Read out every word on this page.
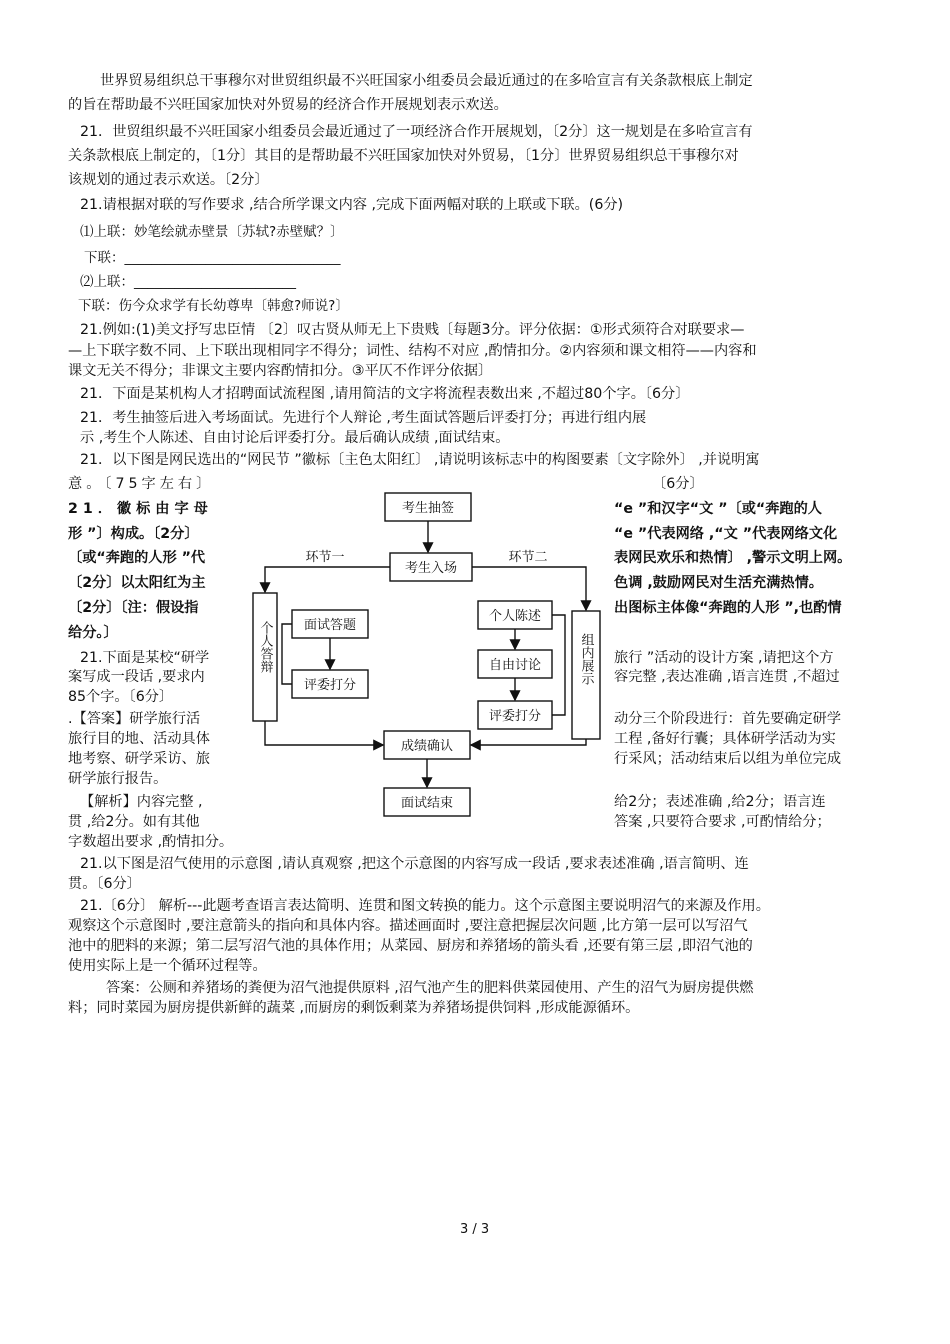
世界贸易组织总干事穆尔对世贸组织最不兴旺国家小组委员会最近通过的在多哈宣言有关条款根底上制定
的旨在帮助最不兴旺国家加快对外贸易的经济合作开展规划表示欢送。
21．世贸组织最不兴旺国家小组委员会最近通过了一项经济合作开展规划，〔2分〕这一规划是在多哈宣言有
关条款根底上制定的，〔1分〕其目的是帮助最不兴旺国家加快对外贸易，〔1分〕世界贸易组织总干事穆尔对
该规划的通过表示欢送。〔2分〕
21.请根据对联的写作要求 ,结合所学课文内容 ,完成下面两幅对联的上联或下联。(6分)
⑴上联：妙笔绘就赤壁景〔苏轼?赤壁赋？〕
下联：________________________________
⑵上联：________________________
下联：伤今众求学有长幼尊卑〔韩愈?师说?〕
21.例如:(1)美文抒写忠臣情 〔2〕叹古贤从师无上下贵贱〔每题3分。评分依据：①形式须符合对联要求—
—上下联字数不同、上下联出现相同字不得分；词性、结构不对应 ,酌情扣分。②内容须和课文相符——内容和
课文无关不得分；非课文主要内容酌情扣分。③平仄不作评分依据〕
21．下面是某机构人才招聘面试流程图 ,请用简洁的文字将流程表数出来 ,不超过80个字。〔6分〕
21．考生抽签后进入考场面试。先进行个人辩论 ,考生面试答题后评委打分；再进行组内展
示 ,考生个人陈述、自由讨论后评委打分。最后确认成绩 ,面试结束。
21．以下图是网民选出的“网民节 ”徽标〔主色太阳红〕 ,请说明该标志中的构图要素〔文字除外〕 ,并说明寓
意。〔75字左右〕	〔6分〕
21．徽标由字母	“e ”和汉字“文 ”〔或“奔跑的人
形 ”〕构成。〔2分〕	“e ”代表网络 ,“文 ”代表网络文化
〔或“奔跑的人形 ”代	表网民欢乐和热情〕 ,警示文明上网。
〔2分〕以太阳红为主	色调 ,鼓励网民对生活充满热情。
〔2分〕〔注：假设指	出图标主体像“奔跑的人形 ”,也酌情
给分。〕
21.下面是某校“研学	旅行 ”活动的设计方案 ,请把这个方
案写成一段话 ,要求内	容完整 ,表达准确 ,语言连贯 ,不超过
85个字。〔6分〕
.【答案】研学旅行活	动分三个阶段进行：首先要确定研学
旅行目的地、活动具体	工程 ,备好行囊；具体研学活动为实
地考察、研学采访、旅	行采风；活动结束后以组为单位完成
研学旅行报告。
【解析】内容完整 ,	给2分；表述准确 ,给2分；语言连
贯 ,给2分。如有其他	答案 ,只要符合要求 ,可酌情给分；
字数超出要求 ,酌情扣分。
21.以下图是沼气使用的示意图 ,请认真观察 ,把这个示意图的内容写成一段话 ,要求表述准确 ,语言简明、连
贯。〔6分〕
21.〔6分〕 解析---此题考查语言表达简明、连贯和图文转换的能力。这个示意图主要说明沼气的来源及作用。
观察这个示意图时 ,要注意箭头的指向和具体内容。描述画面时 ,要注意把握层次问题 ,比方第一层可以写沼气
池中的肥料的来源；第二层写沼气池的具体作用；从菜园、厨房和养猪场的箭头看 ,还要有第三层 ,即沼气池的
使用实际上是一个循环过程等。
答案：公厕和养猪场的粪便为沼气池提供原料 ,沼气池产生的肥料供菜园使用、产生的沼气为厨房提供燃
料；同时菜园为厨房提供新鲜的蔬菜 ,而厨房的剩饭剩菜为养猪场提供饲料 ,形成能源循环。
考生抽签
考生入场
环节一	环节二
个人答辩 面试答题
评委打分
个人陈述
自由讨论
评委打分
组内展示
成绩确认
面试结束
3 / 3
